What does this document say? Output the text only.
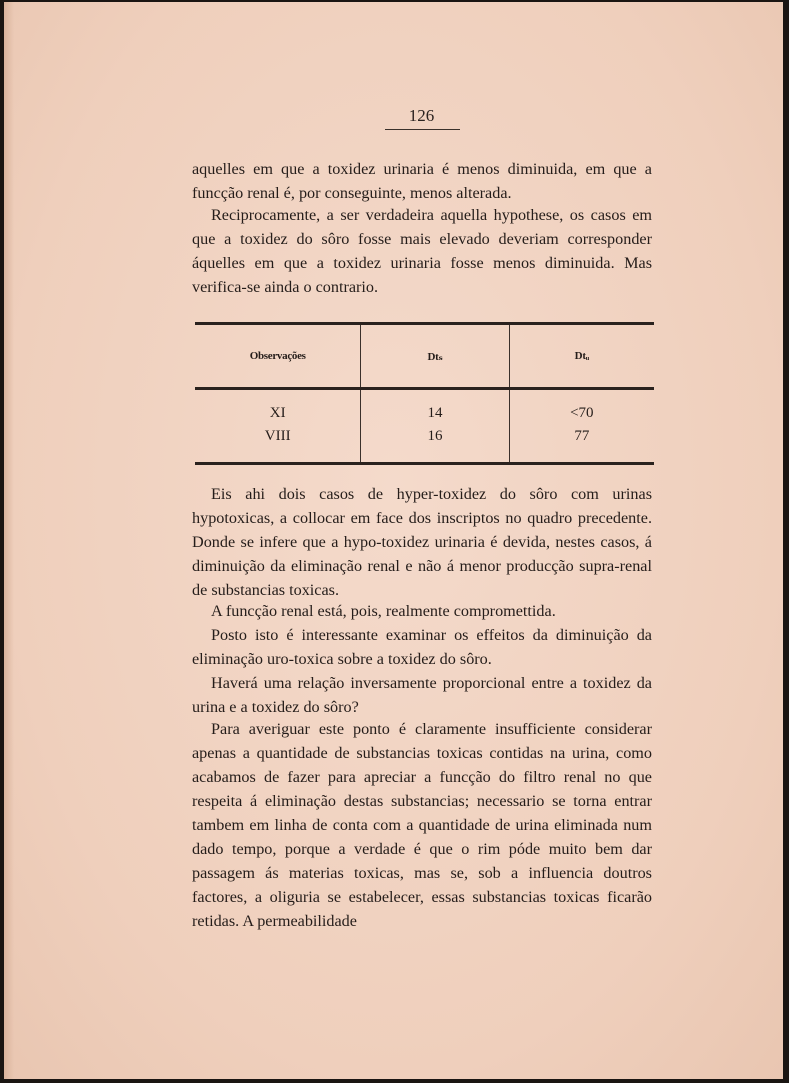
126

aquelles em que a toxidez urinaria é menos diminuida, em que a funcção renal é, por conseguinte, menos alterada.

Reciprocamente, a ser verdadeira aquella hypothese, os casos em que a toxidez do sôro fosse mais elevado deveriam corresponder áquelles em que a toxidez urinaria fosse menos diminuida. Mas verifica-se ainda o contrario.

Observações	Dtₛ	Dtᵤ
XI	14	<70
VIII	16	77

Eis ahi dois casos de hyper-toxidez do sôro com urinas hypotoxicas, a collocar em face dos inscriptos no quadro precedente. Donde se infere que a hypo-toxidez urinaria é devida, nestes casos, á diminuição da eliminação renal e não á menor producção supra-renal de substancias toxicas.

A funcção renal está, pois, realmente compromettida.

Posto isto é interessante examinar os effeitos da diminuição da eliminação uro-toxica sobre a toxidez do sôro.

Haverá uma relação inversamente proporcional entre a toxidez da urina e a toxidez do sôro?

Para averiguar este ponto é claramente insufficiente considerar apenas a quantidade de substancias toxicas contidas na urina, como acabamos de fazer para apreciar a funcção do filtro renal no que respeita á eliminação destas substancias; necessario se torna entrar tambem em linha de conta com a quantidade de urina eliminada num dado tempo, porque a verdade é que o rim póde muito bem dar passagem ás materias toxicas, mas se, sob a influencia doutros factores, a oliguria se estabelecer, essas substancias toxicas ficarão retidas. A permeabilidade
